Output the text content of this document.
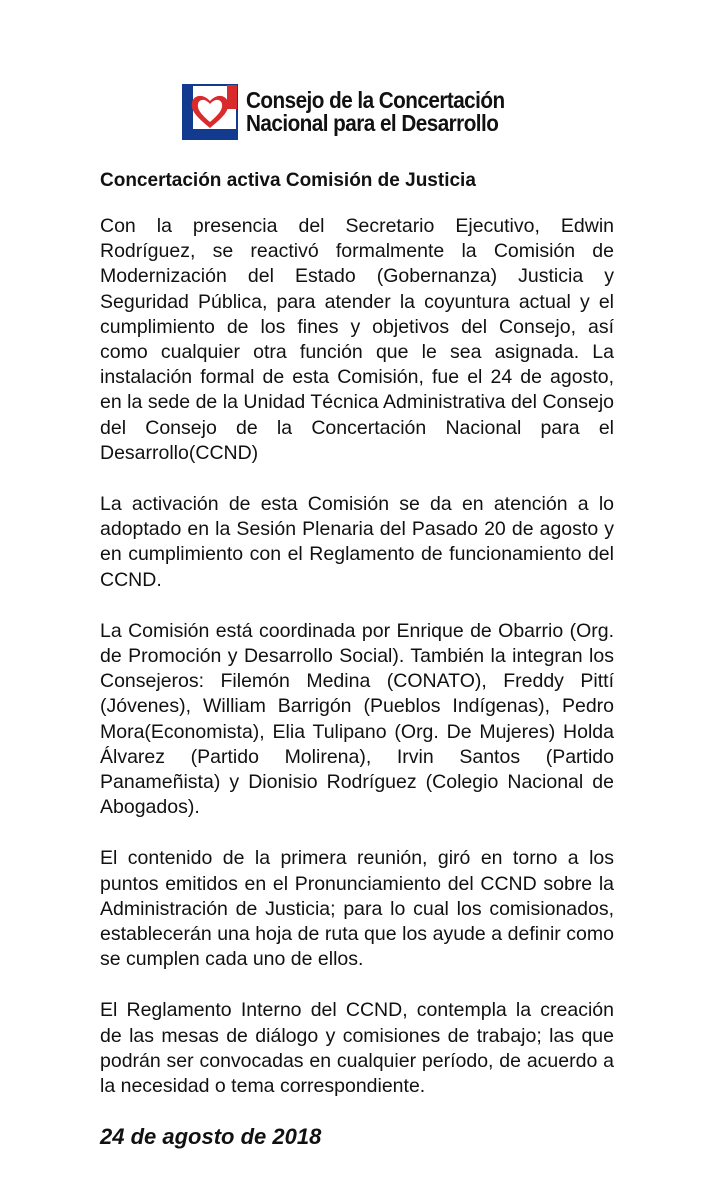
Consejo de la Concertación
Nacional para el Desarrollo
Concertación activa Comisión de Justicia

Con la presencia del Secretario Ejecutivo, Edwin Rodríguez, se reactivó formalmente la Comisión de Modernización del Estado (Gobernanza) Justicia y Seguridad Pública, para atender la coyuntura actual y el cumplimiento de los fines y objetivos del Consejo, así como cualquier otra función que le sea asignada. La instalación formal de esta Comisión, fue el 24 de agosto, en la sede de la Unidad Técnica Administrativa del Consejo del Consejo de la Concertación Nacional para el Desarrollo(CCND)

La activación de esta Comisión se da en atención a lo adoptado en la Sesión Plenaria del Pasado 20 de agosto y en cumplimiento con el Reglamento de funcionamiento del CCND.

La Comisión está coordinada por Enrique de Obarrio (Org. de Promoción y Desarrollo Social). También la integran los Consejeros: Filemón Medina (CONATO), Freddy Pittí (Jóvenes), William Barrigón (Pueblos Indígenas), Pedro Mora(Economista), Elia Tulipano (Org. De Mujeres) Holda Álvarez (Partido Molirena), Irvin Santos (Partido Panameñista) y Dionisio Rodríguez (Colegio Nacional de Abogados).

El contenido de la primera reunión, giró en torno a los puntos emitidos en el Pronunciamiento del CCND sobre la Administración de Justicia; para lo cual los comisionados, establecerán una hoja de ruta que los ayude a definir como se cumplen cada uno de ellos.

El Reglamento Interno del CCND, contempla la creación de las mesas de diálogo y comisiones de trabajo; las que podrán ser convocadas en cualquier período, de acuerdo a la necesidad o tema correspondiente.

24 de agosto de 2018
